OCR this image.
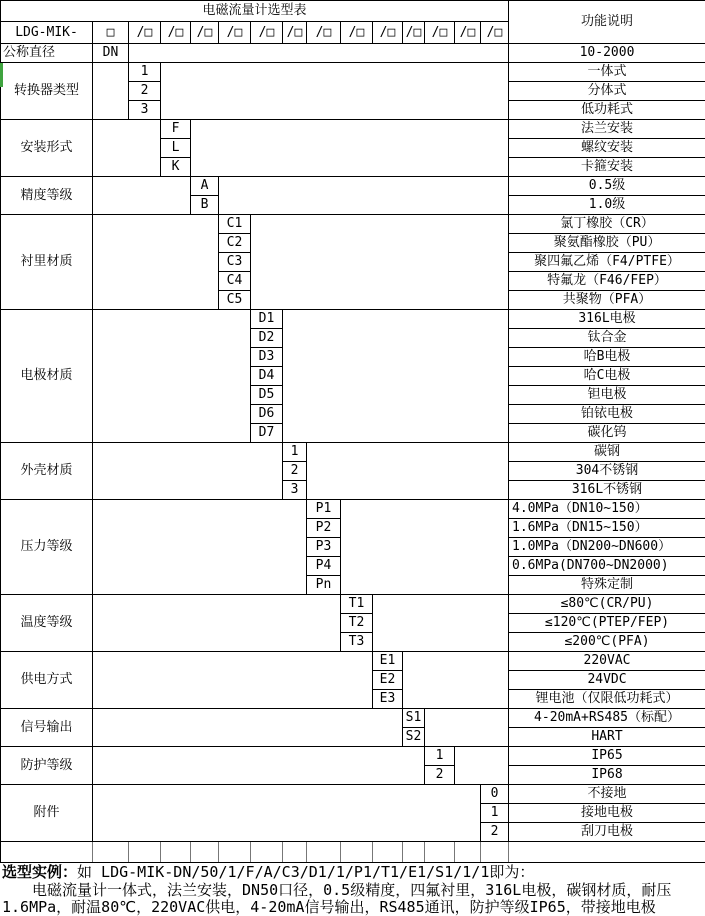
电磁流量计选型表															功能说明
LDG-MIK-	□	/□	/□	/□	/□	/□	/□	/□	/□	/□	/□	/□	/□	/□	
公称直径	DN														10-2000
转换器类型		1													一体式
		2													分体式
		3													低功耗式
安装形式			F												法兰安装
			L												螺纹安装
			K												卡箍安装
精度等级				A											0.5级
				B											1.0级
衬里材质					C1										氯丁橡胶（CR）
					C2										聚氨酯橡胶（PU）
					C3										聚四氟乙烯（F4/PTFE）
					C4										特氟龙（F46/FEP）
					C5										共聚物（PFA）
电极材质						D1									316L电极
						D2									钛合金
						D3									哈B电极
						D4									哈C电极
						D5									钽电极
						D6									铂铱电极
						D7									碳化钨
外壳材质							1								碳钢
							2								304不锈钢
							3								316L不锈钢
压力等级								P1							4.0MPa（DN10~150）
								P2							1.6MPa（DN15~150）
								P3							1.0MPa（DN200~DN600）
								P4							0.6MPa(DN700~DN2000)
								Pn							特殊定制
温度等级									T1						≤80℃(CR/PU)
									T2						≤120℃(PTEP/FEP)
									T3						≤200℃(PFA)
供电方式										E1					220VAC
										E2					24VDC
										E3					锂电池（仅限低功耗式）
信号输出											S1				4-20mA+RS485（标配）
											S2				HART
防护等级												1			IP65
												2			IP68
附件														0	不接地
														1	接地电极
														2	刮刀电极

选型实例：如 LDG-MIK-DN/50/1/F/A/C3/D1/1/P1/T1/E1/S1/1/1即为：

电磁流量计一体式，法兰安装，DN50口径，0.5级精度，四氟衬里，316L电极，碳钢材质，耐压1.6MPa，耐温80℃，220VAC供电，4-20mA信号输出，RS485通讯，防护等级IP65，带接地电极
